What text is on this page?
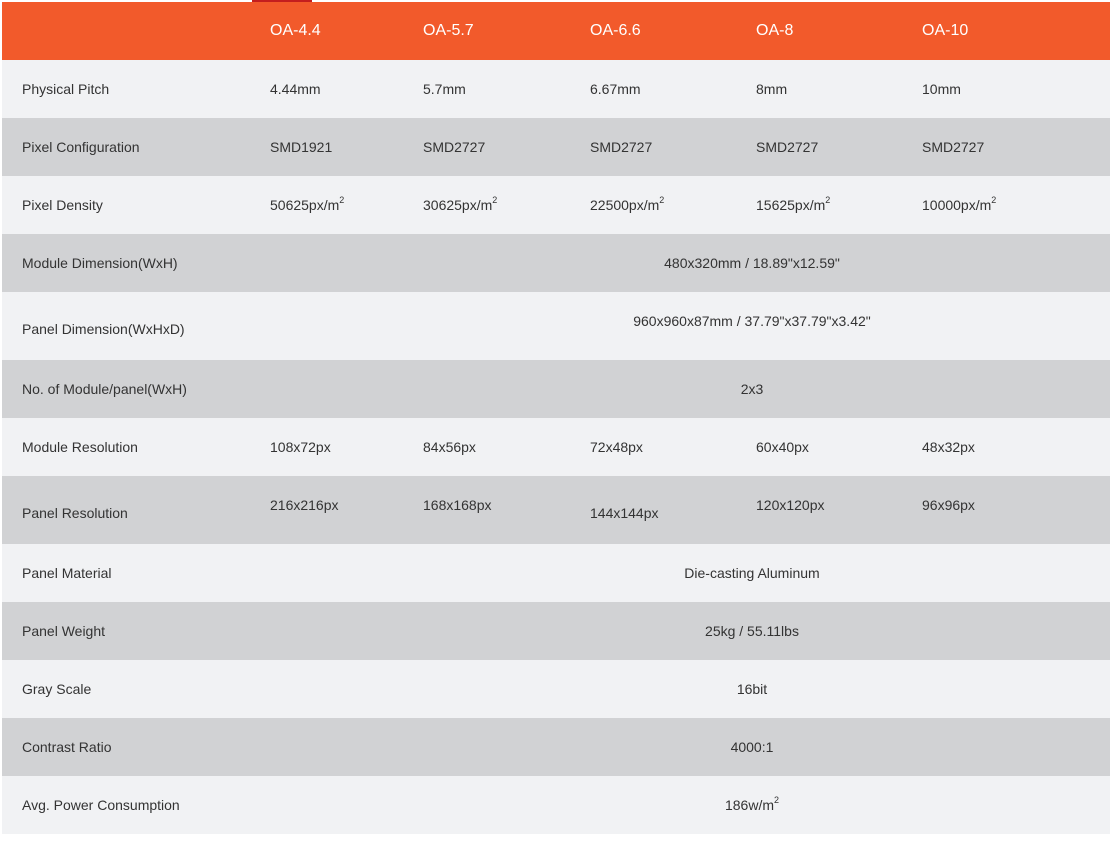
	OA-4.4	OA-5.7	OA-6.6	OA-8	OA-10
Physical Pitch	4.44mm	5.7mm	6.67mm	8mm	10mm
Pixel Configuration	SMD1921	SMD2727	SMD2727	SMD2727	SMD2727
Pixel Density	$50625px/m^2$	$30625px/m^2$	$22500px/m^2$	$15625px/m^2$	$10000px/m^2$
Module Dimension(WxH)	480x320mm / 18.89"x12.59"				
Panel Dimension(WxHxD)	960x960x87mm / 37.79"x37.79"x3.42"				
No. of Module/panel(WxH)	2x3				
Module Resolution	108x72px	84x56px	72x48px	60x40px	48x32px
Panel Resolution	216x216px	168x168px	144x144px	120x120px	96x96px
Panel Material	Die-casting Aluminum				
Panel Weight	25kg / 55.11lbs				
Gray Scale	16bit				
Contrast Ratio	4000:1				
Avg. Power Consumption	$186w/m^2$
